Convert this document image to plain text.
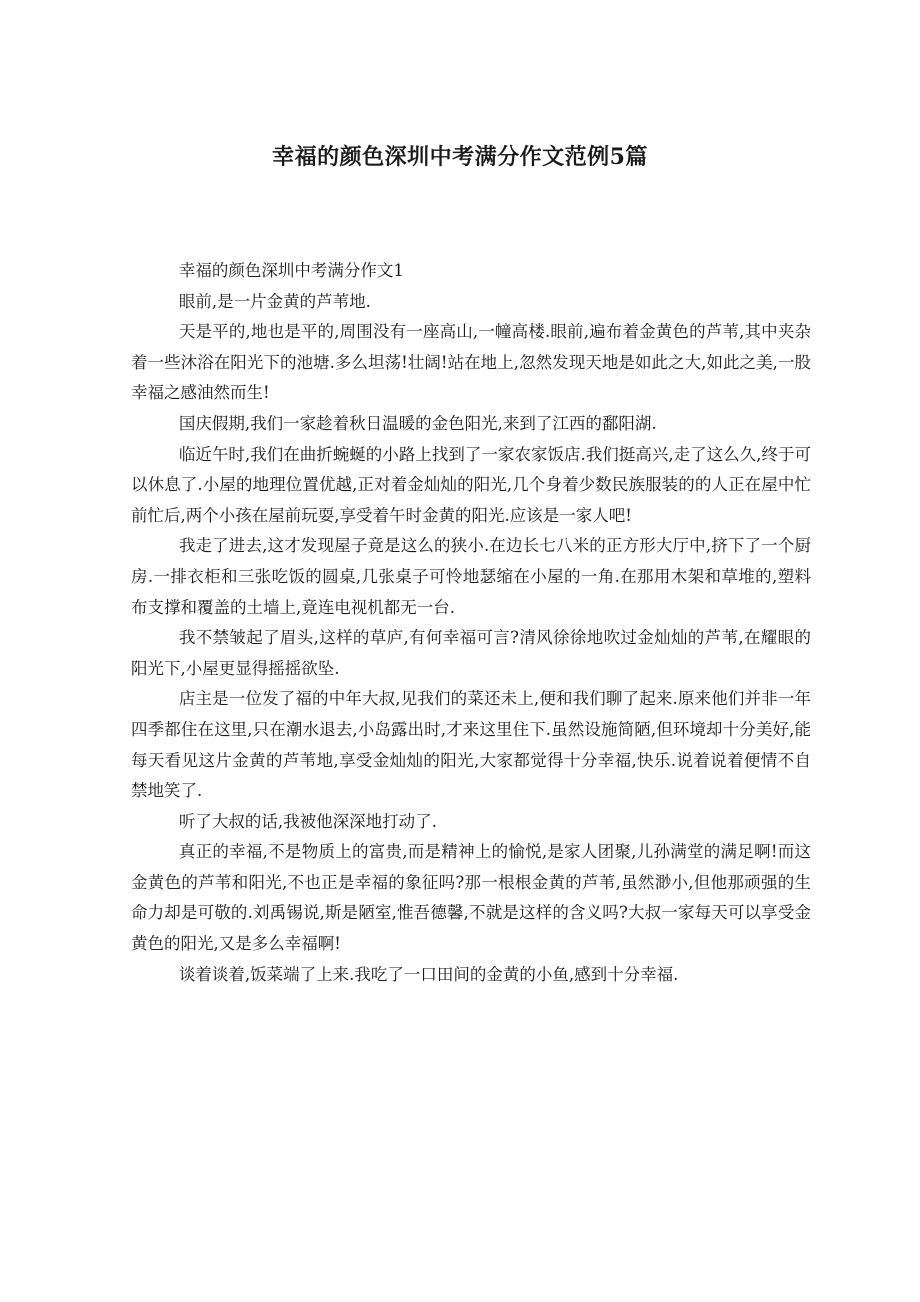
幸福的颜色深圳中考满分作文范例5篇

幸福的颜色深圳中考满分作文1

眼前,是一片金黄的芦苇地.

天是平的,地也是平的,周围没有一座高山,一幢高楼.眼前,遍布着金黄色的芦苇,其中夹杂着一些沐浴在阳光下的池塘.多么坦荡!壮阔!站在地上,忽然发现天地是如此之大,如此之美,一股幸福之感油然而生!

国庆假期,我们一家趁着秋日温暖的金色阳光,来到了江西的鄱阳湖.

临近午时,我们在曲折蜿蜒的小路上找到了一家农家饭店.我们挺高兴,走了这么久,终于可以休息了.小屋的地理位置优越,正对着金灿灿的阳光,几个身着少数民族服装的的人正在屋中忙前忙后,两个小孩在屋前玩耍,享受着午时金黄的阳光.应该是一家人吧!

我走了进去,这才发现屋子竟是这么的狭小.在边长七八米的正方形大厅中,挤下了一个厨房.一排衣柜和三张吃饭的圆桌,几张桌子可怜地瑟缩在小屋的一角.在那用木架和草堆的,塑料布支撑和覆盖的土墙上,竟连电视机都无一台.

我不禁皱起了眉头,这样的草庐,有何幸福可言?清风徐徐地吹过金灿灿的芦苇,在耀眼的阳光下,小屋更显得摇摇欲坠.

店主是一位发了福的中年大叔,见我们的菜还未上,便和我们聊了起来.原来他们并非一年四季都住在这里,只在潮水退去,小岛露出时,才来这里住下.虽然设施简陋,但环境却十分美好,能每天看见这片金黄的芦苇地,享受金灿灿的阳光,大家都觉得十分幸福,快乐.说着说着便情不自禁地笑了.

听了大叔的话,我被他深深地打动了.

真正的幸福,不是物质上的富贵,而是精神上的愉悦,是家人团聚,儿孙满堂的满足啊!而这金黄色的芦苇和阳光,不也正是幸福的象征吗?那一根根金黄的芦苇,虽然渺小,但他那顽强的生命力却是可敬的.刘禹锡说,斯是陋室,惟吾德馨,不就是这样的含义吗?大叔一家每天可以享受金黄色的阳光,又是多么幸福啊!

谈着谈着,饭菜端了上来.我吃了一口田间的金黄的小鱼,感到十分幸福.
